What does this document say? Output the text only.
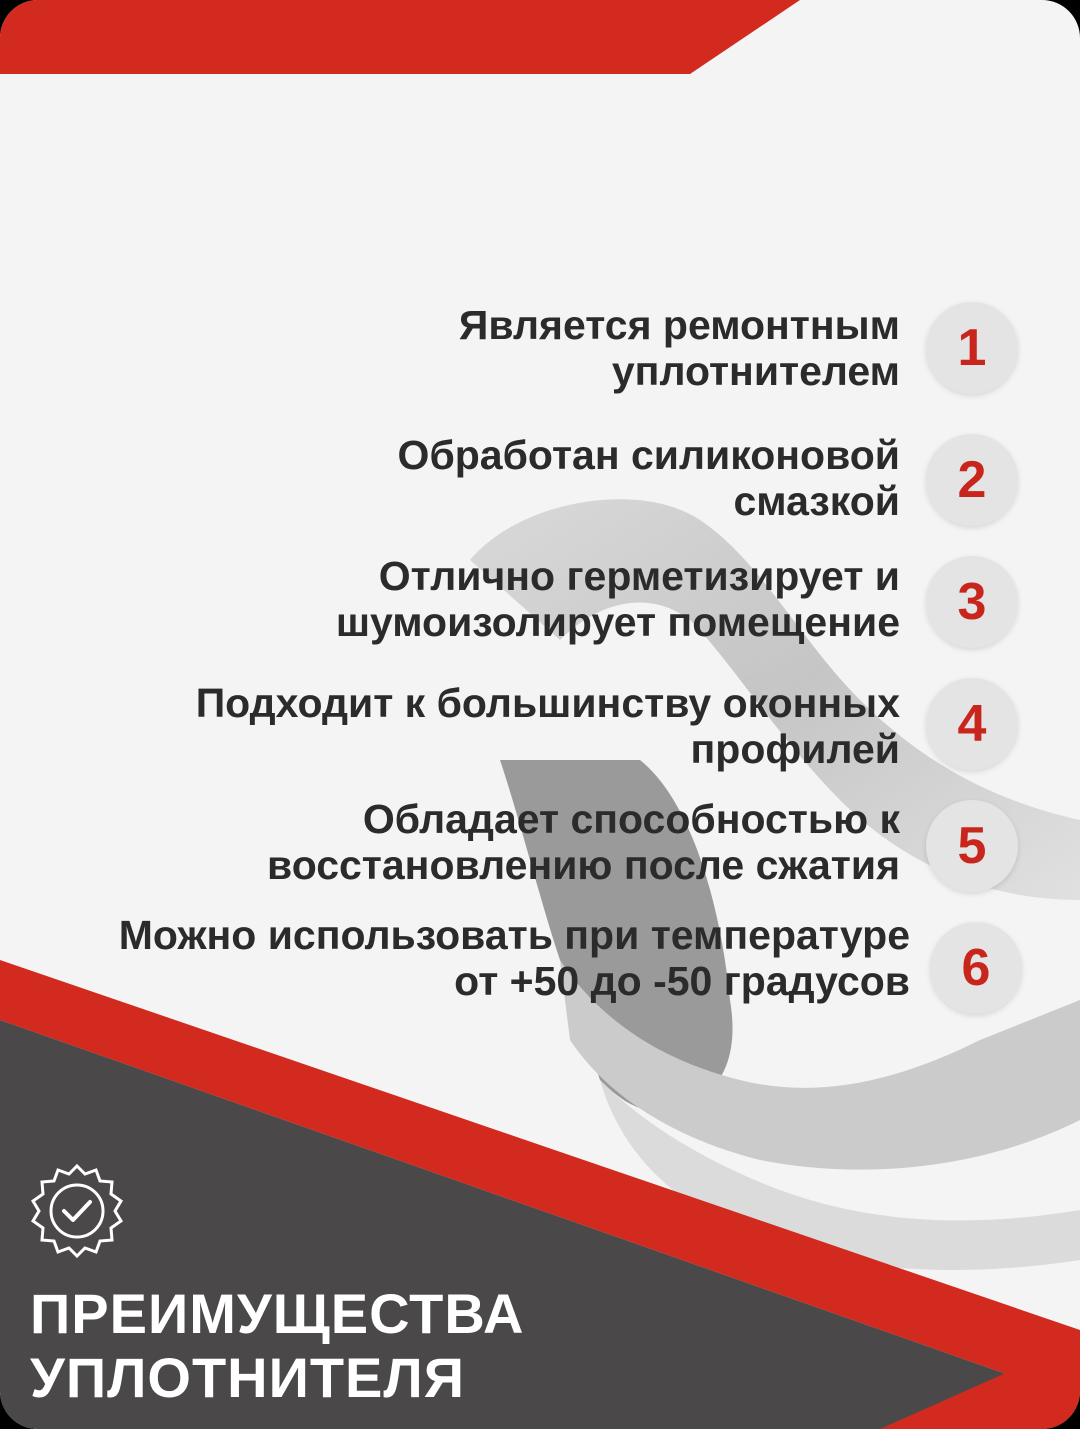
Является ремонтным
уплотнителем	1
Обработан силиконовой
смазкой	2
Отлично герметизирует и
шумоизолирует помещение	3
Подходит к большинству оконных
профилей	4
Обладает способностью к
восстановлению после сжатия	5
Можно использовать при температуре
от +50 до -50 градусов 6
ПРЕИМУЩЕСТВА
УПЛОТНИТЕЛЯ
